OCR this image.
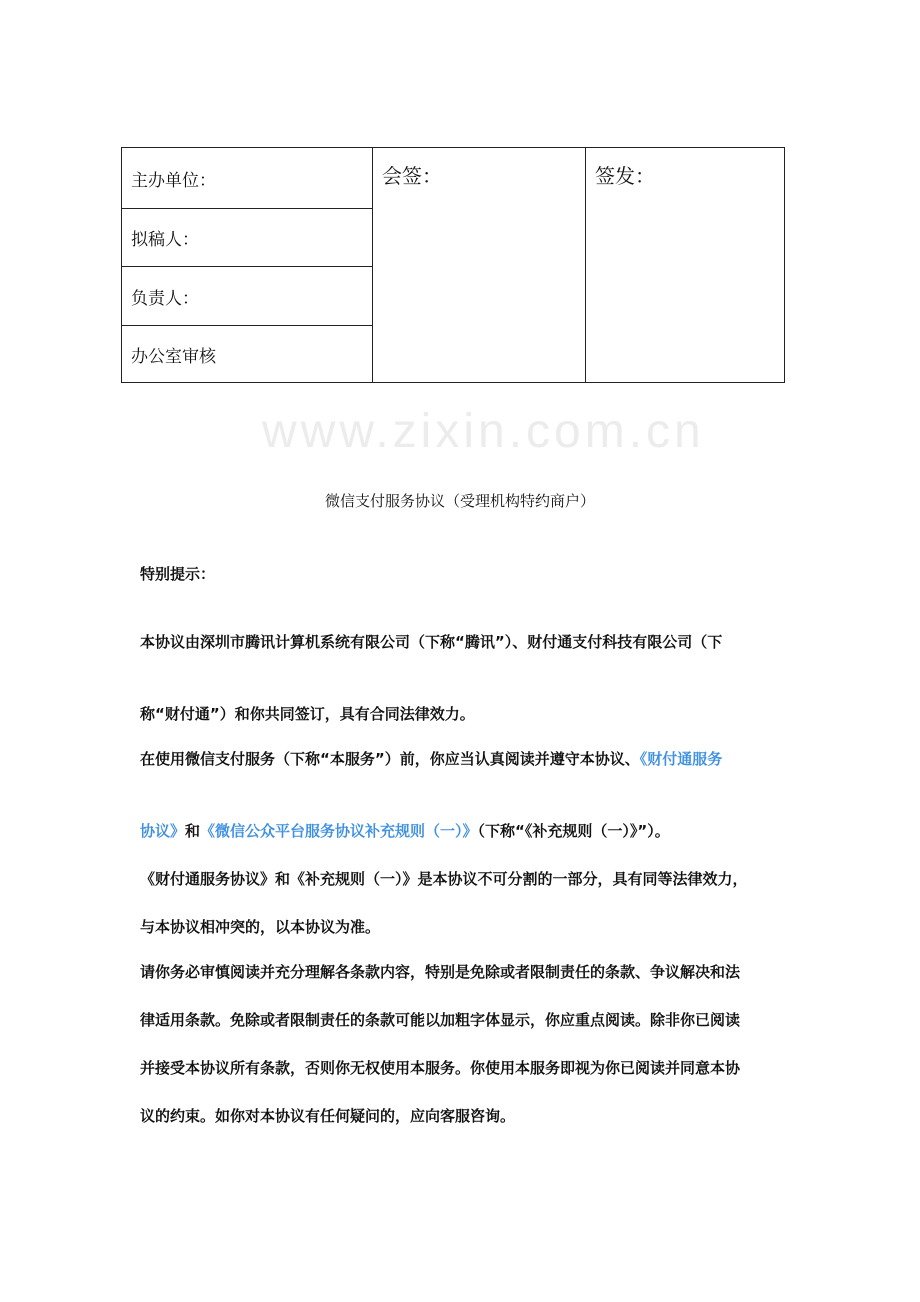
主办单位：
拟稿人：
负责人：
办公室审核
会签：	签发：
www.zixin.com.cn
微信支付服务协议（受理机构特约商户）
特别提示：
本协议由深圳市腾讯计算机系统有限公司（下称“腾讯”）、财付通支付科技有限公司（下
称“财付通”）和你共同签订，具有合同法律效力。
在使用微信支付服务（下称“本服务”）前，你应当认真阅读并遵守本协议、《财付通服务
协议》和《微信公众平台服务协议补充规则（一）》（下称“《补充规则（一）》”）。
《财付通服务协议》和《补充规则（一）》是本协议不可分割的一部分，具有同等法律效力，
与本协议相冲突的，以本协议为准。
请你务必审慎阅读并充分理解各条款内容，特别是免除或者限制责任的条款、争议解决和法
律适用条款。免除或者限制责任的条款可能以加粗字体显示，你应重点阅读。除非你已阅读
并接受本协议所有条款，否则你无权使用本服务。你使用本服务即视为你已阅读并同意本协
议的约束。如你对本协议有任何疑问的，应向客服咨询。
